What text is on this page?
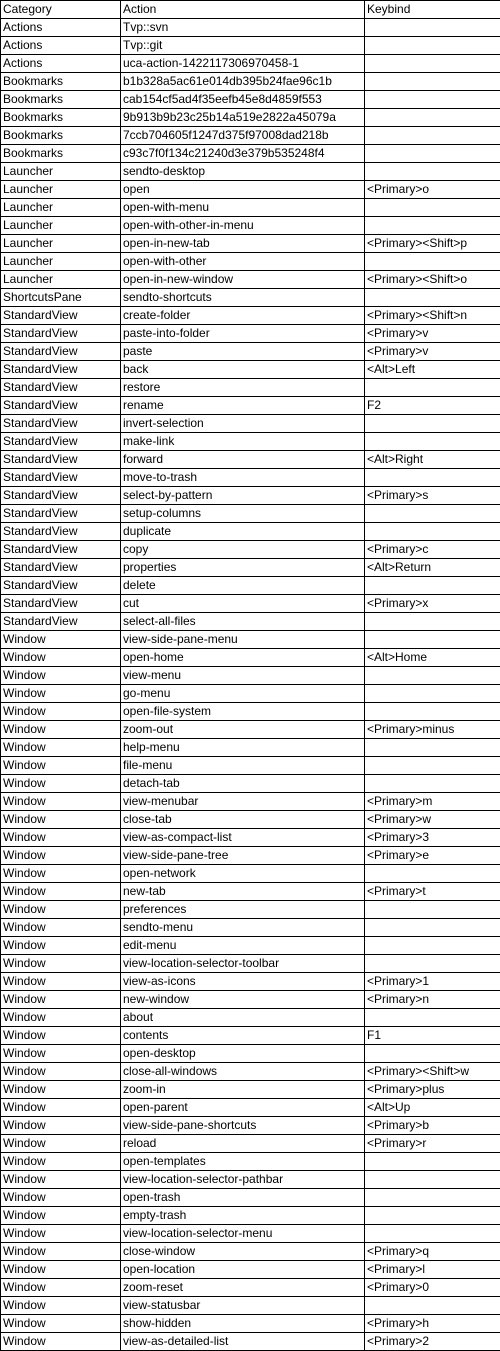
Category	Action	Keybind
Actions	Tvp::svn	
Actions	Tvp::git	
Actions	uca-action-1422117306970458-1	
Bookmarks	b1b328a5ac61e014db395b24fae96c1b	
Bookmarks	cab154cf5ad4f35eefb45e8d4859f553	
Bookmarks	9b913b9b23c25b14a519e2822a45079a	
Bookmarks	7ccb704605f1247d375f97008dad218b	
Bookmarks	c93c7f0f134c21240d3e379b535248f4	
Launcher	sendto-desktop	
Launcher	open	<Primary>o
Launcher	open-with-menu	
Launcher	open-with-other-in-menu	
Launcher	open-in-new-tab	<Primary><Shift>p
Launcher	open-with-other	
Launcher	open-in-new-window	<Primary><Shift>o
ShortcutsPane	sendto-shortcuts	
StandardView	create-folder	<Primary><Shift>n
StandardView	paste-into-folder	<Primary>v
StandardView	paste	<Primary>v
StandardView	back	<Alt>Left
StandardView	restore	
StandardView	rename	F2
StandardView	invert-selection	
StandardView	make-link	
StandardView	forward	<Alt>Right
StandardView	move-to-trash	
StandardView	select-by-pattern	<Primary>s
StandardView	setup-columns	
StandardView	duplicate	
StandardView	copy	<Primary>c
StandardView	properties	<Alt>Return
StandardView	delete	
StandardView	cut	<Primary>x
StandardView	select-all-files	
Window	view-side-pane-menu	
Window	open-home	<Alt>Home
Window	view-menu	
Window	go-menu	
Window	open-file-system	
Window	zoom-out	<Primary>minus
Window	help-menu	
Window	file-menu	
Window	detach-tab	
Window	view-menubar	<Primary>m
Window	close-tab	<Primary>w
Window	view-as-compact-list	<Primary>3
Window	view-side-pane-tree	<Primary>e
Window	open-network	
Window	new-tab	<Primary>t
Window	preferences	
Window	sendto-menu	
Window	edit-menu	
Window	view-location-selector-toolbar	
Window	view-as-icons	<Primary>1
Window	new-window	<Primary>n
Window	about	
Window	contents	F1
Window	open-desktop	
Window	close-all-windows	<Primary><Shift>w
Window	zoom-in	<Primary>plus
Window	open-parent	<Alt>Up
Window	view-side-pane-shortcuts	<Primary>b
Window	reload	<Primary>r
Window	open-templates	
Window	view-location-selector-pathbar	
Window	open-trash	
Window	empty-trash	
Window	view-location-selector-menu	
Window	close-window	<Primary>q
Window	open-location	<Primary>l
Window	zoom-reset	<Primary>0
Window	view-statusbar	
Window	show-hidden	<Primary>h
Window	view-as-detailed-list	<Primary>2
